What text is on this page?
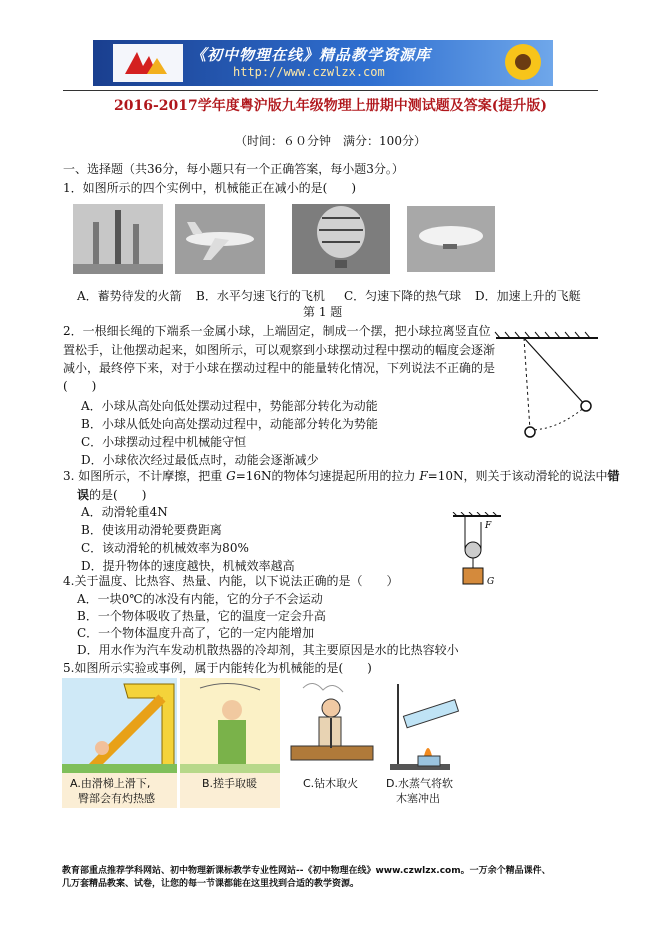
《初中物理在线》精品教学资源库
http://www.czwlzx.com
2016-2017学年度粤沪版九年级物理上册期中测试题及答案(提升版)
（时间：６０分钟　满分：100分）
一、选择题（共36分，每小题只有一个正确答案，每小题3分。）
1．如图所示的四个实例中，机械能正在减小的是(　　)
A．蓄势待发的火箭 B．水平匀速飞行的飞机 C．匀速下降的热气球 D．加速上升的飞艇
第 1 题
2．一根细长绳的下端系一金属小球，上端固定，制成一个摆，把小球拉离竖直位
置松手，让他摆动起来，如图所示，可以观察到小球摆动过程中摆动的幅度会逐渐
减小，最终停下来，对于小球在摆动过程中的能量转化情况，下列说法不正确的是
(　　)
A．小球从高处向低处摆动过程中，势能部分转化为动能
B．小球从低处向高处摆动过程中，动能部分转化为势能
C．小球摆动过程中机械能守恒
D．小球依次经过最低点时，动能会逐渐减少
3. 如图所示，不计摩擦，把重 G=16N的物体匀速提起所用的拉力 F=10N，则关于该动滑轮的说法中错
误的是(　　)
A．动滑轮重4N
B．使该用动滑轮要费距离
C．该动滑轮的机械效率为80%
D．提升物体的速度越快，机械效率越高
F
G
4.关于温度、比热容、热量、内能，以下说法正确的是（　　）
A．一块0℃的冰没有内能，它的分子不会运动
B．一个物体吸收了热量，它的温度一定会升高
C．一个物体温度升高了，它的一定内能增加
D．用水作为汽车发动机散热器的冷却剂，其主要原因是水的比热容较小
5.如图所示实验或事例，属于内能转化为机械能的是(　　)
A.由滑梯上滑下,
臀部会有灼热感
B.搓手取暖	C.钻木取火	D.水蒸气将软
木塞冲出
教育部重点推荐学科网站、初中物理新课标教学专业性网站--《初中物理在线》www.czwlzx.com。一万余个精品课件、
几万套精品教案、试卷，让您的每一节课都能在这里找到合适的教学资源。
